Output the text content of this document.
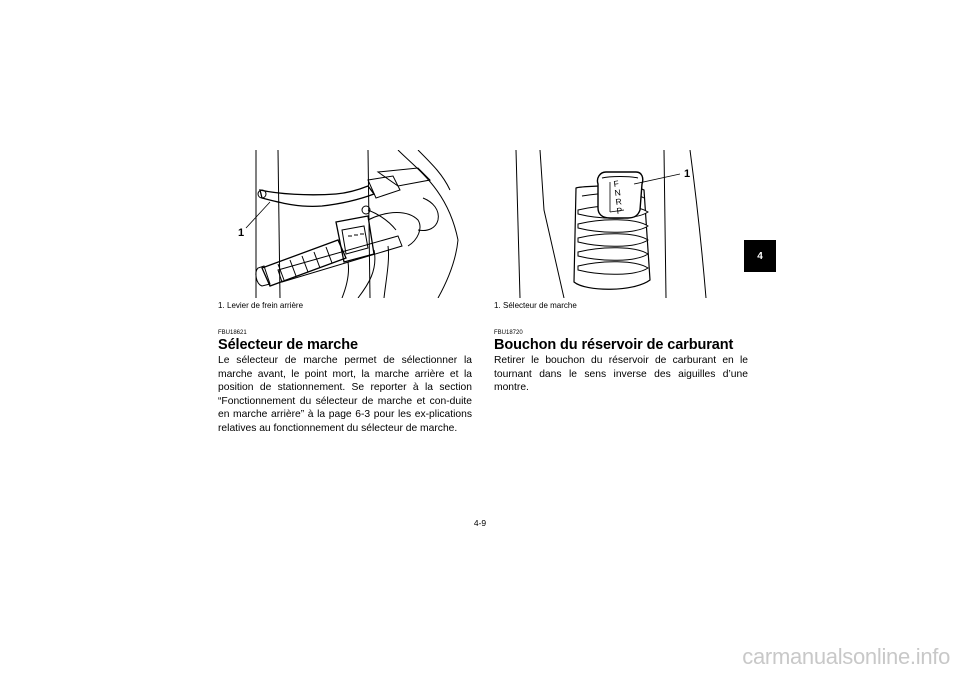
1
1. Levier de frein arrière
FBU18621
Sélecteur de marche

Le sélecteur de marche permet de sélectionner la marche avant, le point mort, la marche arrière et la position de stationnement. Se reporter à la section “Fonctionnement du sélecteur de marche et con-duite en marche arrière” à la page 6-3 pour les ex-plications relatives au fonctionnement du sélecteur de marche.

F
N
R
P
1
1. Sélecteur de marche
FBU18720
Bouchon du réservoir de carburant

Retirer le bouchon du réservoir de carburant en le tournant dans le sens inverse des aiguilles d’une montre.

4
4-9
carmanualsonline.info
